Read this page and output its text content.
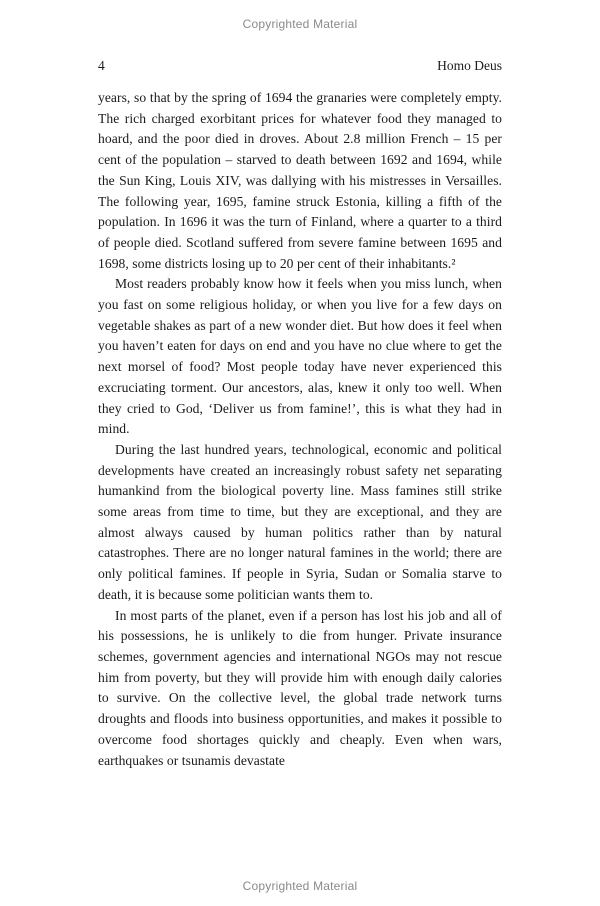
Copyrighted Material
4	Homo Deus

years, so that by the spring of 1694 the granaries were completely empty. The rich charged exorbitant prices for whatever food they managed to hoard, and the poor died in droves. About 2.8 million French – 15 per cent of the population – starved to death between 1692 and 1694, while the Sun King, Louis XIV, was dallying with his mistresses in Versailles. The following year, 1695, famine struck Estonia, killing a fifth of the population. In 1696 it was the turn of Finland, where a quarter to a third of people died. Scotland suffered from severe famine between 1695 and 1698, some districts losing up to 20 per cent of their inhabitants.²

Most readers probably know how it feels when you miss lunch, when you fast on some religious holiday, or when you live for a few days on vegetable shakes as part of a new wonder diet. But how does it feel when you haven’t eaten for days on end and you have no clue where to get the next morsel of food? Most people today have never experienced this excruciating torment. Our ancestors, alas, knew it only too well. When they cried to God, ‘Deliver us from famine!’, this is what they had in mind.

During the last hundred years, technological, economic and political developments have created an increasingly robust safety net separating humankind from the biological poverty line. Mass famines still strike some areas from time to time, but they are exceptional, and they are almost always caused by human politics rather than by natural catastrophes. There are no longer natural famines in the world; there are only political famines. If people in Syria, Sudan or Somalia starve to death, it is because some politician wants them to.

In most parts of the planet, even if a person has lost his job and all of his possessions, he is unlikely to die from hunger. Private insurance schemes, government agencies and international NGOs may not rescue him from poverty, but they will provide him with enough daily calories to survive. On the collective level, the global trade network turns droughts and floods into business opportunities, and makes it possible to overcome food shortages quickly and cheaply. Even when wars, earthquakes or tsunamis devastate

Copyrighted Material
